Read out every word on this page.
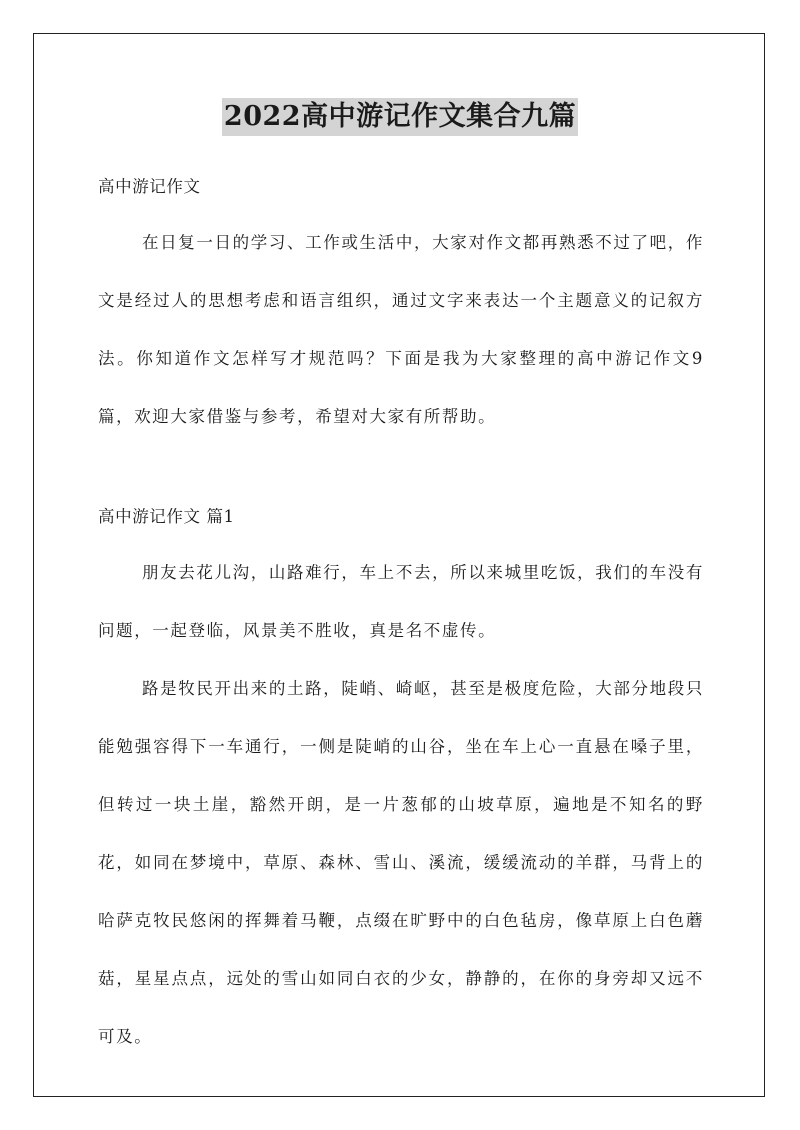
2022高中游记作文集合九篇

高中游记作文

在日复一日的学习、工作或生活中，大家对作文都再熟悉不过了吧，作文是经过人的思想考虑和语言组织，通过文字来表达一个主题意义的记叙方法。你知道作文怎样写才规范吗？下面是我为大家整理的高中游记作文9篇，欢迎大家借鉴与参考，希望对大家有所帮助。

高中游记作文 篇1

朋友去花儿沟，山路难行，车上不去，所以来城里吃饭，我们的车没有问题，一起登临，风景美不胜收，真是名不虚传。

路是牧民开出来的土路，陡峭、崎岖，甚至是极度危险，大部分地段只能勉强容得下一车通行，一侧是陡峭的山谷，坐在车上心一直悬在嗓子里，但转过一块土崖，豁然开朗，是一片葱郁的山坡草原，遍地是不知名的野花，如同在梦境中，草原、森林、雪山、溪流，缓缓流动的羊群，马背上的哈萨克牧民悠闲的挥舞着马鞭，点缀在旷野中的白色毡房，像草原上白色蘑菇，星星点点，远处的雪山如同白衣的少女，静静的，在你的身旁却又远不可及。
